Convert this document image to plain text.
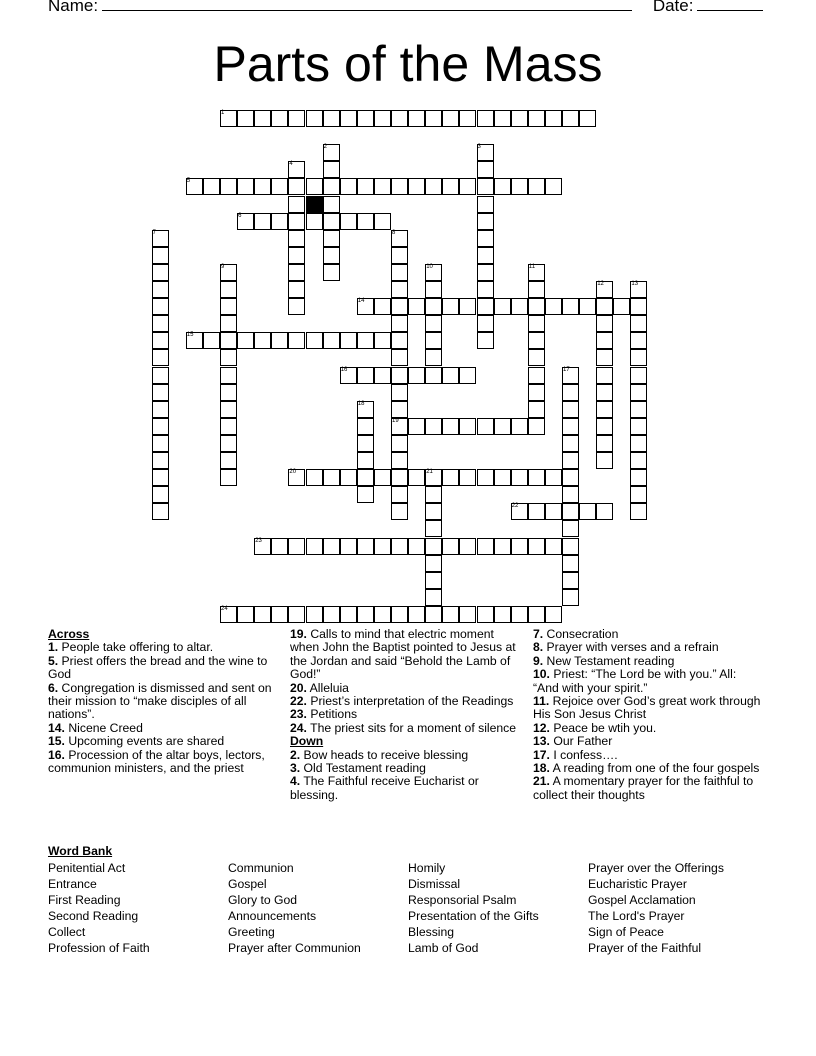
Name:	Date:
Parts of the Mass
1
5
6
14
15
16
19
20
22
23
24
2	3
4
7	8
9	10	11
12	13
17
18
21

Across

1. People take offering to altar.

5. Priest offers the bread and the wine to God

6. Congregation is dismissed and sent on their mission to “make disciples of all nations”.

14. Nicene Creed

15. Upcoming events are shared

16. Procession of the altar boys, lectors, communion ministers, and the priest

19. Calls to mind that electric moment when John the Baptist pointed to Jesus at the Jordan and said “Behold the Lamb of God!”

20. Alleluia

22. Priest’s interpretation of the Readings

23. Petitions

24. The priest sits for a moment of silence

Down

2. Bow heads to receive blessing

3. Old Testament reading

4. The Faithful receive Eucharist or blessing.

7. Consecration

8. Prayer with verses and a refrain

9. New Testament reading

10. Priest: “The Lord be with you.” All: “And with your spirit.”

11. Rejoice over God’s great work through His Son Jesus Christ

12. Peace be wtih you.

13. Our Father

17. I confess….

18. A reading from one of the four gospels

21. A momentary prayer for the faithful to collect their thoughts

Word Bank
Penitential Act
Entrance
First Reading
Second Reading
Collect
Profession of Faith
Communion
Gospel
Glory to God
Announcements
Greeting
Prayer after Communion
Homily
Dismissal
Responsorial Psalm
Presentation of the Gifts
Blessing
Lamb of God
Prayer over the Offerings
Eucharistic Prayer
Gospel Acclamation
The Lord's Prayer
Sign of Peace
Prayer of the Faithful
